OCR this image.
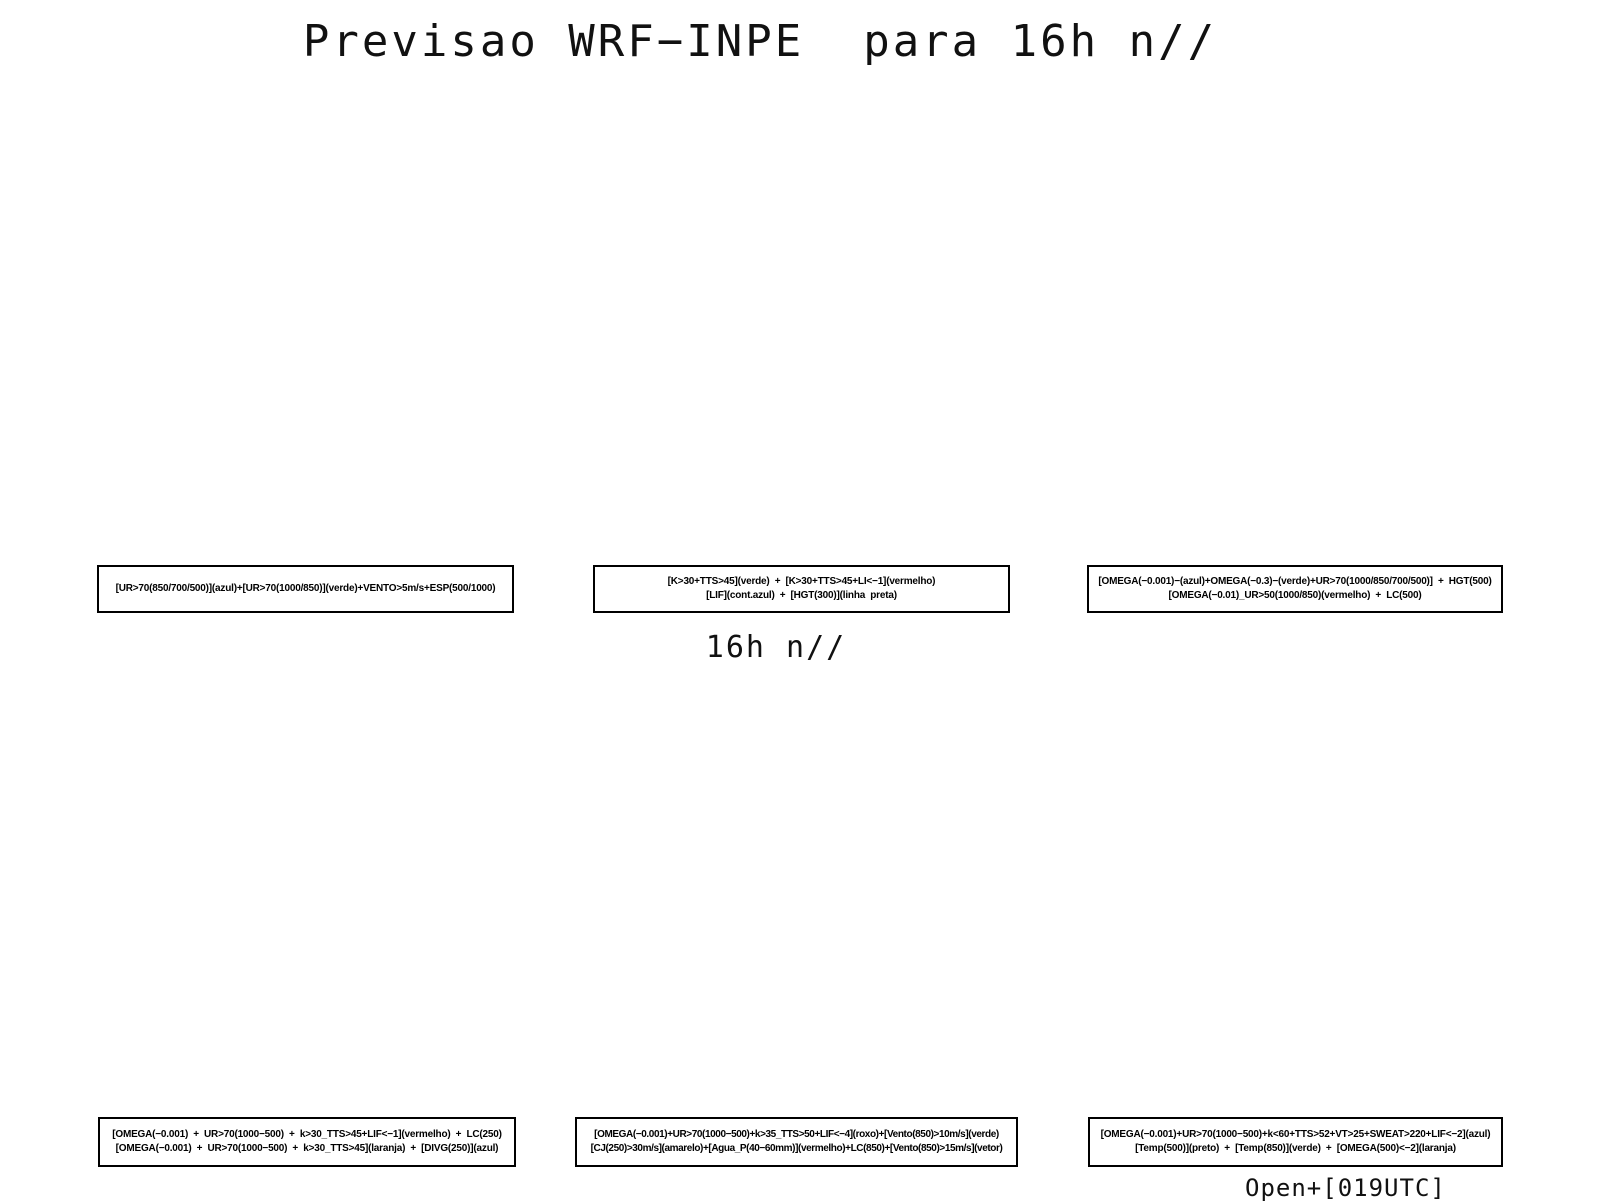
Previsao WRF−INPE  para 16h n//
[UR>70(850/700/500)](azul)+[UR>70(1000/850)](verde)+VENTO>5m/s+ESP(500/1000)
[K>30+TTS>45](verde)  +  [K>30+TTS>45+LI<−1](vermelho)
[LIF](cont.azul)  +  [HGT(300)](linha  preta)
[OMEGA(−0.001)−(azul)+OMEGA(−0.3)−(verde)+UR>70(1000/850/700/500)]  +  HGT(500)
[OMEGA(−0.01)_UR>50(1000/850)(vermelho)  +  LC(500)
16h n//
[OMEGA(−0.001)  +  UR>70(1000−500)  +  k>30_TTS>45+LIF<−1](vermelho)  +  LC(250)
[OMEGA(−0.001)  +  UR>70(1000−500)  +  k>30_TTS>45](laranja)  +  [DIVG(250)](azul)
[OMEGA(−0.001)+UR>70(1000−500)+k>35_TTS>50+LIF<−4](roxo)+[Vento(850)>10m/s](verde)
[CJ(250)>30m/s](amarelo)+[Agua_P(40−60mm)](vermelho)+LC(850)+[Vento(850)>15m/s](vetor)
[OMEGA(−0.001)+UR>70(1000−500)+k<60+TTS>52+VT>25+SWEAT>220+LIF<−2](azul)
[Temp(500)](preto)  +  [Temp(850)](verde)  +  [OMEGA(500)<−2](laranja)
Open+[019UTC]
